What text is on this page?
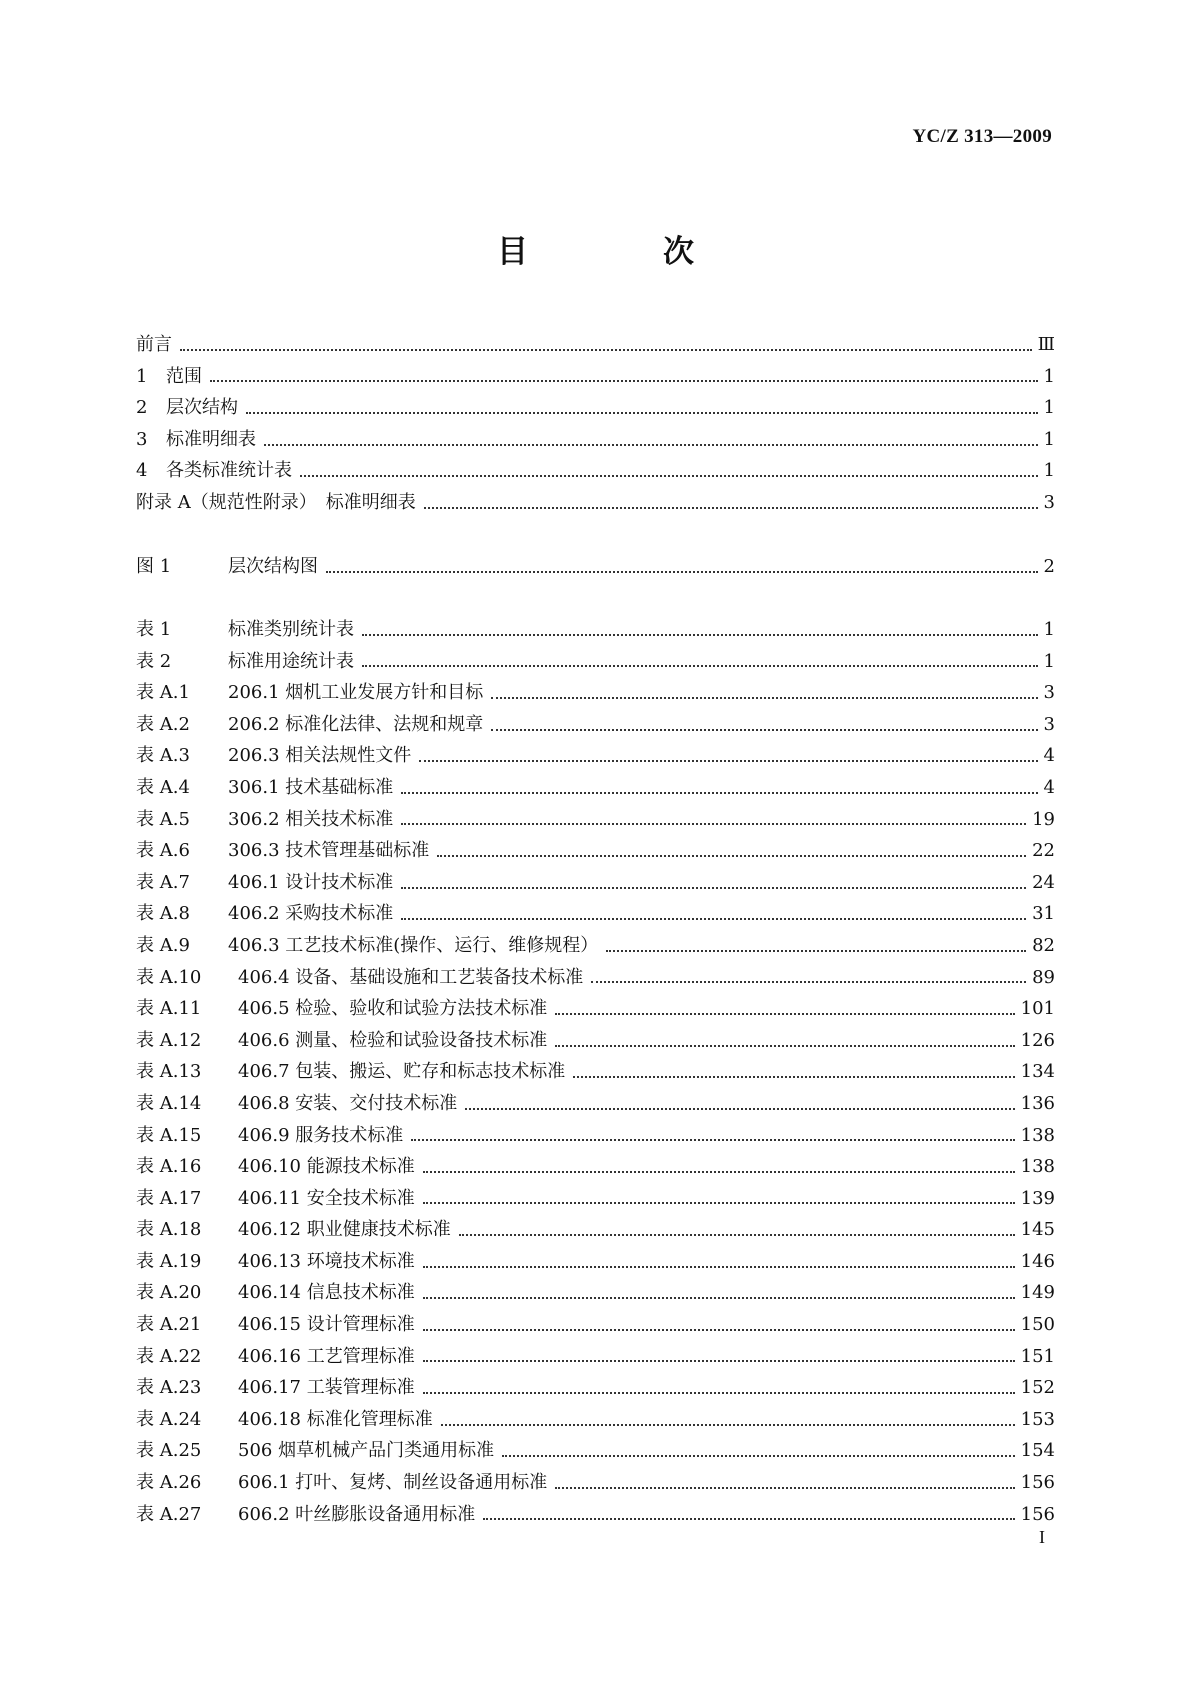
YC/Z 313—2009
目　次
前言	Ⅲ
1	范围	1
2	层次结构	1
3	标准明细表	1
4	各类标准统计表	1
附录 A（规范性附录）　标准明细表	3
图 1	层次结构图	2
表 1	标准类别统计表	1
表 2	标准用途统计表	1
表 A.1	206.1 烟机工业发展方针和目标	3
表 A.2	206.2 标准化法律、法规和规章	3
表 A.3	206.3 相关法规性文件	4
表 A.4	306.1 技术基础标准	4
表 A.5	306.2 相关技术标准	19
表 A.6	306.3 技术管理基础标准	22
表 A.7	406.1 设计技术标准	24
表 A.8	406.2 采购技术标准	31
表 A.9	406.3 工艺技术标准(操作、运行、维修规程）	82
表 A.10	406.4 设备、基础设施和工艺装备技术标准	89
表 A.11	406.5 检验、验收和试验方法技术标准	101
表 A.12	406.6 测量、检验和试验设备技术标准	126
表 A.13	406.7 包装、搬运、贮存和标志技术标准	134
表 A.14	406.8 安装、交付技术标准	136
表 A.15	406.9 服务技术标准	138
表 A.16	406.10 能源技术标准	138
表 A.17	406.11 安全技术标准	139
表 A.18	406.12 职业健康技术标准	145
表 A.19	406.13 环境技术标准	146
表 A.20	406.14 信息技术标准	149
表 A.21	406.15 设计管理标准	150
表 A.22	406.16 工艺管理标准	151
表 A.23	406.17 工装管理标准	152
表 A.24	406.18 标准化管理标准	153
表 A.25	506 烟草机械产品门类通用标准	154
表 A.26	606.1 打叶、复烤、制丝设备通用标准	156
表 A.27	606.2 叶丝膨胀设备通用标准	156
I
